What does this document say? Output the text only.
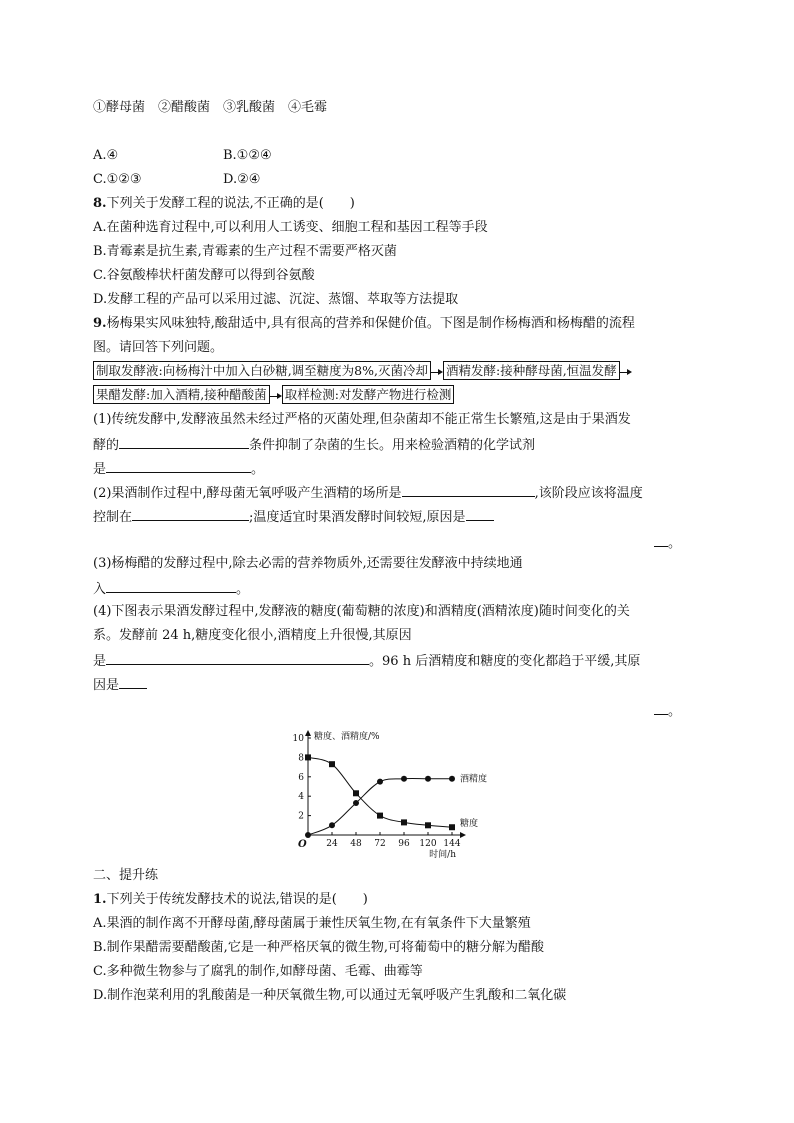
①酵母菌　②醋酸菌　③乳酸菌　④毛霉
A.④	B.①②④
C.①②③	D.②④
8.下列关于发酵工程的说法,不正确的是(　　)
A.在菌种选育过程中,可以利用人工诱变、细胞工程和基因工程等手段
B.青霉素是抗生素,青霉素的生产过程不需要严格灭菌
C.谷氨酸棒状杆菌发酵可以得到谷氨酸
D.发酵工程的产品可以采用过滤、沉淀、蒸馏、萃取等方法提取
9.杨梅果实风味独特,酸甜适中,具有很高的营养和保健价值。下图是制作杨梅酒和杨梅醋的流程
图。请回答下列问题。
制取发酵液:向杨梅汁中加入白砂糖,调至糖度为8%,灭菌冷却 酒精发酵:接种酵母菌,恒温发酵
果醋发酵:加入酒精,接种醋酸菌 取样检测:对发酵产物进行检测
(1)传统发酵中,发酵液虽然未经过严格的灭菌处理,但杂菌却不能正常生长繁殖,这是由于果酒发
酵的	条件抑制了杂菌的生长。用来检验酒精的化学试剂
是	。
(2)果酒制作过程中,酵母菌无氧呼吸产生酒精的场所是	,该阶段应该将温度
控制在	;温度适宜时果酒发酵时间较短,原因是
。
(3)杨梅醋的发酵过程中,除去必需的营养物质外,还需要往发酵液中持续地通
入	。
(4)下图表示果酒发酵过程中,发酵液的糖度(葡萄糖的浓度)和酒精度(酒精浓度)随时间变化的关
系。发酵前 24 h,糖度变化很小,酒精度上升很慢,其原因
是	。96 h 后酒精度和糖度的变化都趋于平缓,其原
因是
。
2
4
6
8
10
24 48 72 96 120 144
O
糖度、酒精度/%
时间/h
酒精度
糖度
二、提升练
1.下列关于传统发酵技术的说法,错误的是(　　)
A.果酒的制作离不开酵母菌,酵母菌属于兼性厌氧生物,在有氧条件下大量繁殖
B.制作果醋需要醋酸菌,它是一种严格厌氧的微生物,可将葡萄中的糖分解为醋酸
C.多种微生物参与了腐乳的制作,如酵母菌、毛霉、曲霉等
D.制作泡菜利用的乳酸菌是一种厌氧微生物,可以通过无氧呼吸产生乳酸和二氧化碳
